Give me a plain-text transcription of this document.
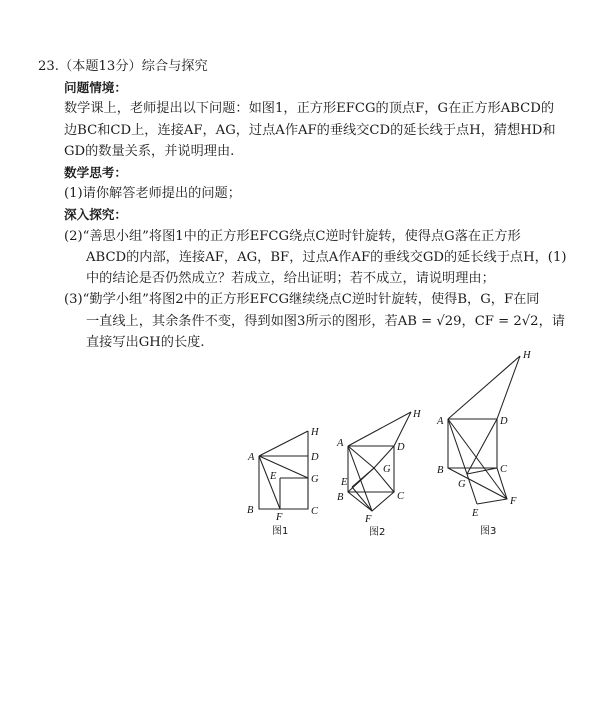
23.（本题13分）综合与探究
问题情境：
数学课上，老师提出以下问题：如图1，正方形EFCG的顶点F，G在正方形ABCD的
边BC和CD上，连接AF，AG，过点A作AF的垂线交CD的延长线于点H，猜想HD和
GD的数量关系，并说明理由.
数学思考：
(1)请你解答老师提出的问题；
深入探究：
(2)“善思小组”将图1中的正方形EFCG绕点C逆时针旋转，使得点G落在正方形
ABCD的内部，连接AF，AG，BF，过点A作AF的垂线交GD的延长线于点H，(1)
中的结论是否仍然成立？若成立，给出证明；若不成立，请说明理由；
(3)“勤学小组”将图2中的正方形EFCG继续绕点C逆时针旋转，使得B，G，F在同
一直线上，其余条件不变，得到如图3所示的图形，若AB = √29，CF = 2√2，请
直接写出GH的长度.
H
A	D
E	G
B
F
C
图1
H
A	D
G
E
B	C
F
图2
H
A	D
B	C
G
F
E
图3
